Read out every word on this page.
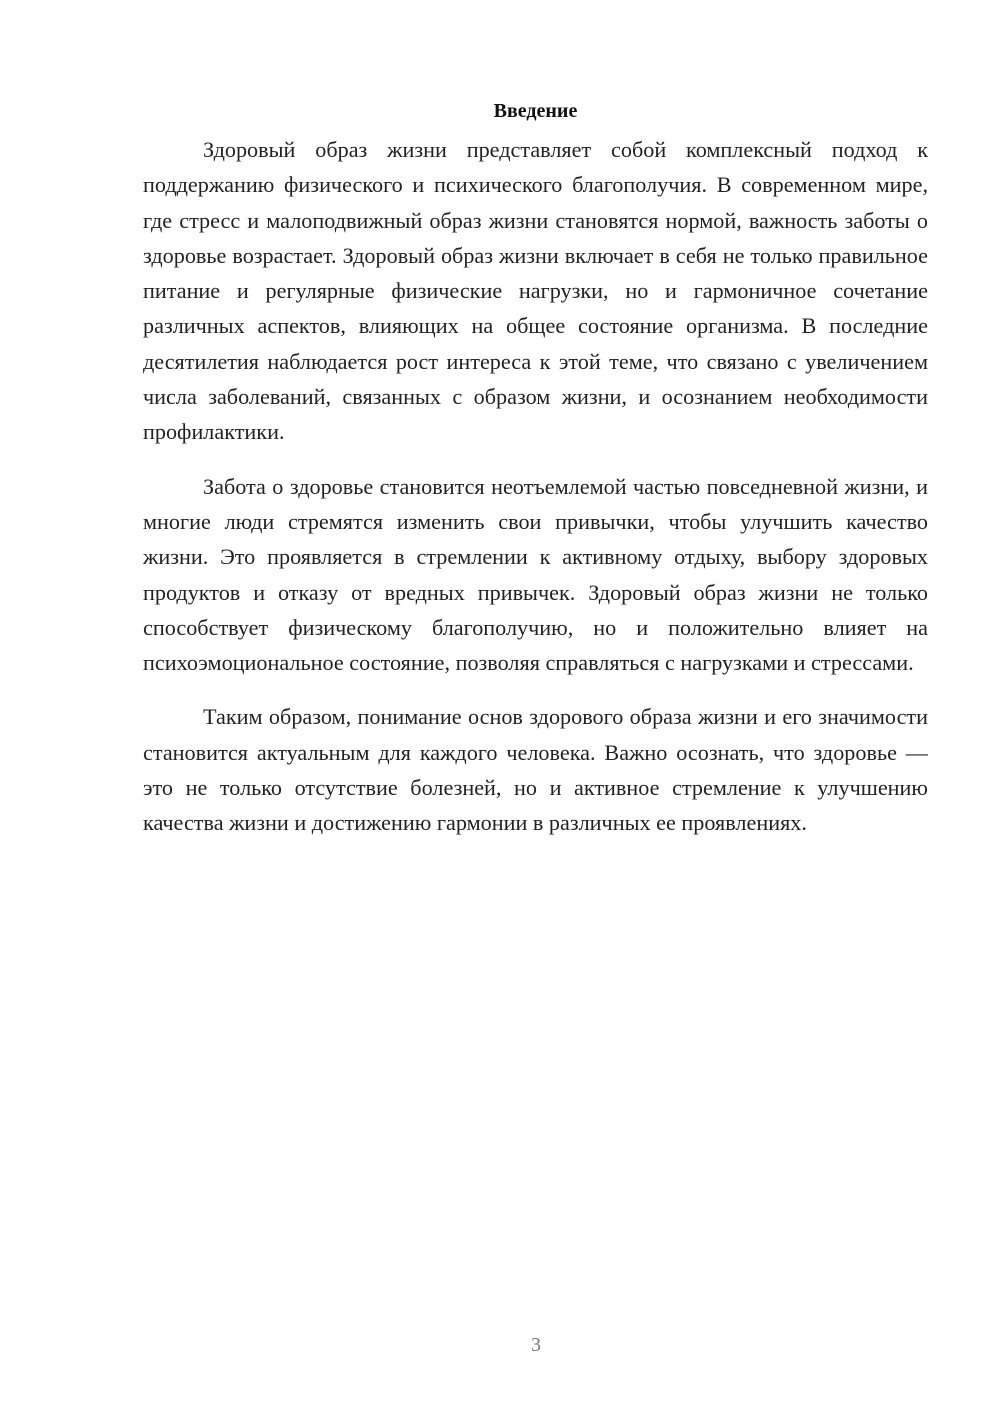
Введение

Здоровый образ жизни представляет собой комплексный подход к поддержанию физического и психического благополучия. В современном мире, где стресс и малоподвижный образ жизни становятся нормой, важность заботы о здоровье возрастает. Здоровый образ жизни включает в себя не только правильное питание и регулярные физические нагрузки, но и гармоничное сочетание различных аспектов, влияющих на общее состояние организма. В последние десятилетия наблюдается рост интереса к этой теме, что связано с увеличением числа заболеваний, связанных с образом жизни, и осознанием необходимости профилактики.

Забота о здоровье становится неотъемлемой частью повседневной жизни, и многие люди стремятся изменить свои привычки, чтобы улучшить качество жизни. Это проявляется в стремлении к активному отдыху, выбору здоровых продуктов и отказу от вредных привычек. Здоровый образ жизни не только способствует физическому благополучию, но и положительно влияет на психоэмоциональное состояние, позволяя справляться с нагрузками и стрессами.

Таким образом, понимание основ здорового образа жизни и его значимости становится актуальным для каждого человека. Важно осознать, что здоровье — это не только отсутствие болезней, но и активное стремление к улучшению качества жизни и достижению гармонии в различных ее проявлениях.

3
